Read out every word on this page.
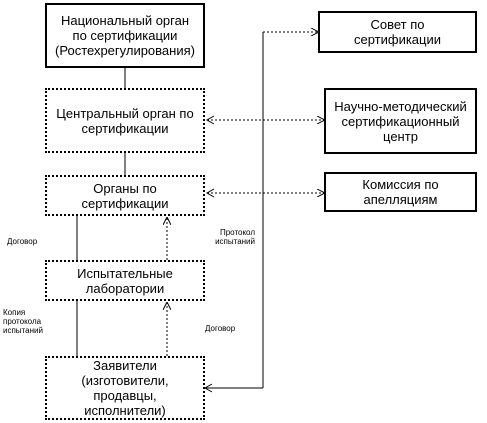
Национальный орган
по сертификации
(Ростехрегулирования)
Центральный орган по
сертификации
Органы по
сертификации
Испытательные
лаборатории
Заявители
(изготовители,
продавцы,
исполнители)
Совет по
сертификации
Научно-методический
сертификационный
центр
Комиссия по
апелляциям
Договор
Протокол
испытаний
Копия
протокола
испытаний	Договор
